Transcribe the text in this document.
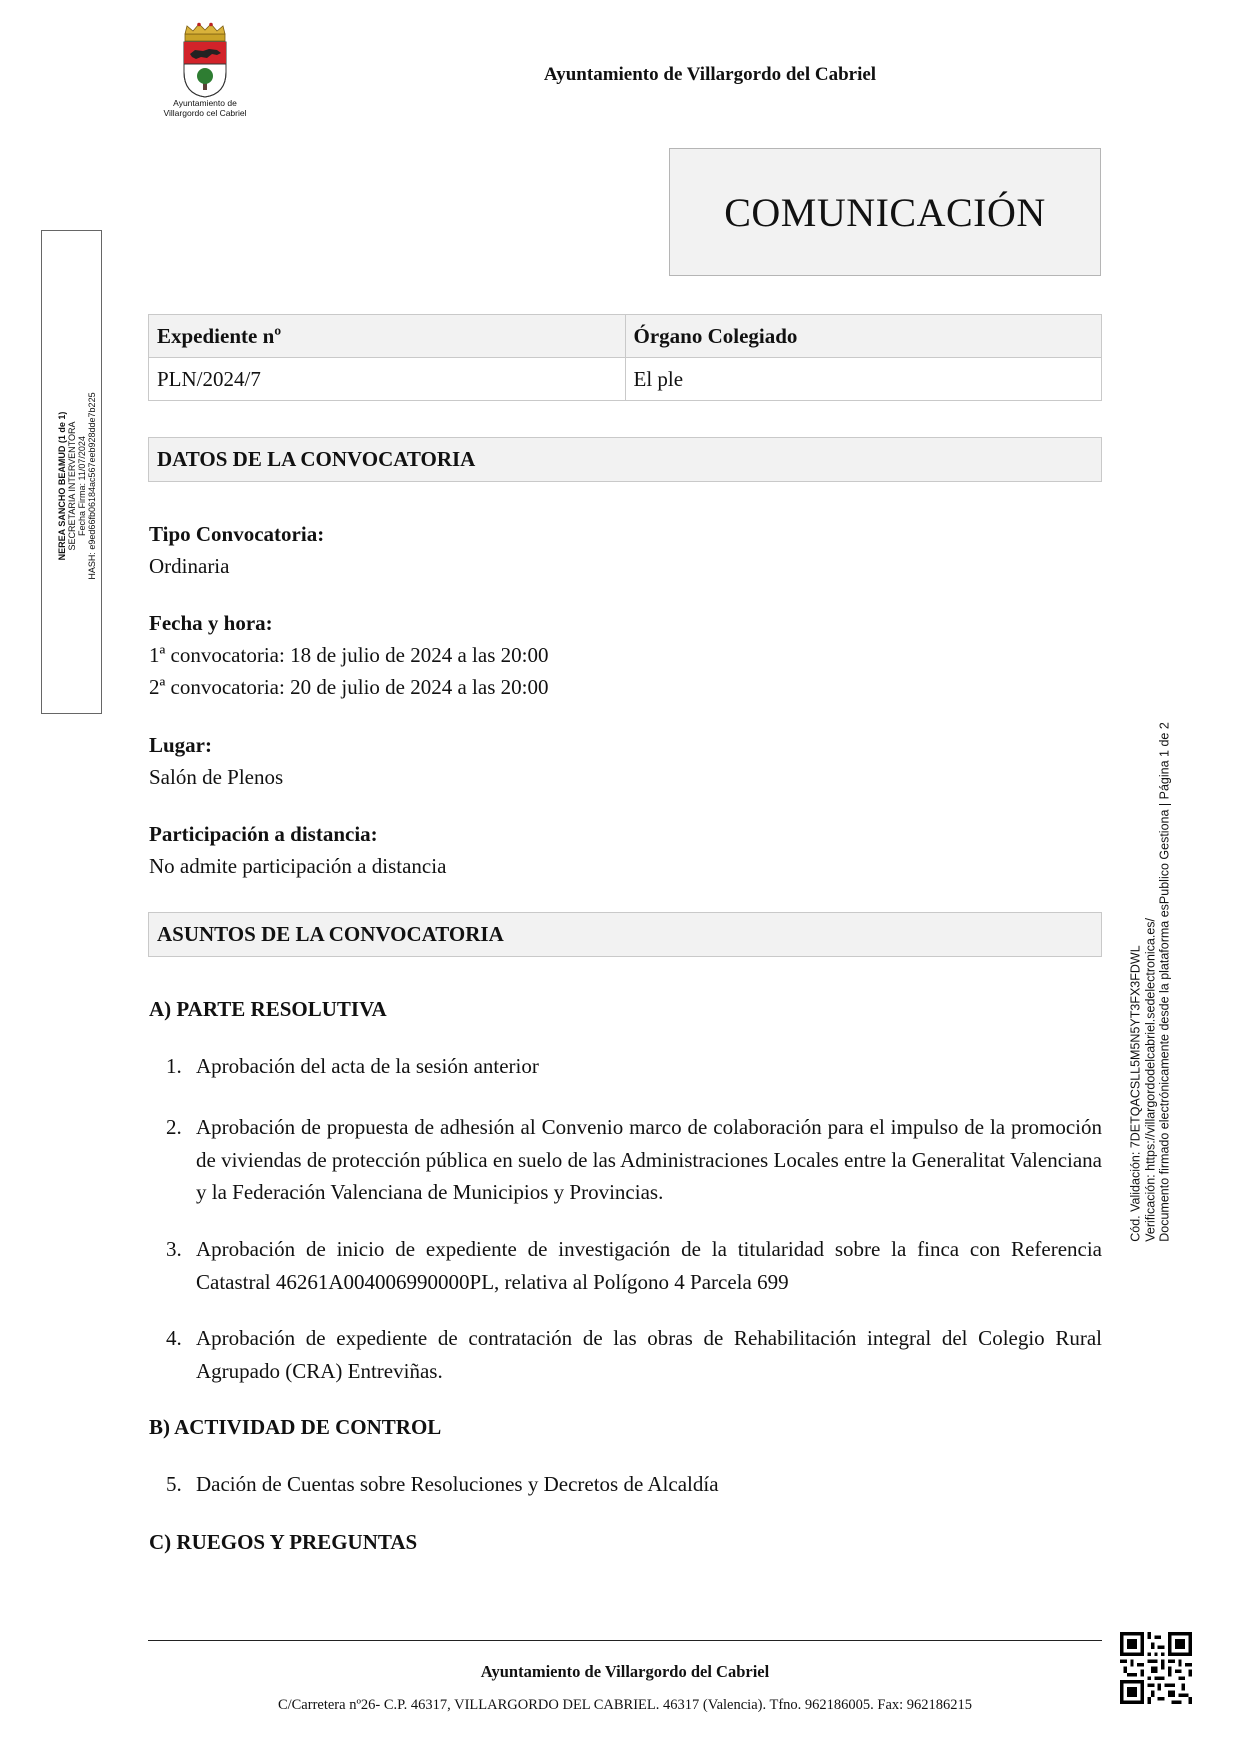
Ayuntamiento de
Villargordo cel Cabriel
Ayuntamiento de Villargordo del Cabriel
NEREA SANCHO BEAMUD (1 de 1) SECRETARIA INTERVENTORA Fecha Firma: 11/07/2024 HASH: e9ed66fb06184ac567eeb928dde7b225
COMUNICACIÓN
Expediente nº	Órgano Colegiado
PLN/2024/7	El ple
DATOS DE LA CONVOCATORIA
Tipo Convocatoria:
Ordinaria
Fecha y hora:
1ª convocatoria: 18 de julio de 2024 a las 20:00
2ª convocatoria: 20 de julio de 2024 a las 20:00
Lugar:
Salón de Plenos
Participación a distancia:
No admite participación a distancia
ASUNTOS DE LA CONVOCATORIA
A) PARTE RESOLUTIVA
1. Aprobación del acta de la sesión anterior
2. Aprobación de propuesta de adhesión al Convenio marco de colaboración para el impulso de la promoción de viviendas de protección pública en suelo de las Administraciones Locales entre la Generalitat Valenciana y la Federación Valenciana de Municipios y Provincias.
3. Aprobación de inicio de expediente de investigación de la titularidad sobre la finca con Referencia Catastral 46261A004006990000PL, relativa al Polígono 4 Parcela 699
4. Aprobación de expediente de contratación de las obras de Rehabilitación integral del Colegio Rural Agrupado (CRA) Entreviñas.
B) ACTIVIDAD DE CONTROL
5. Dación de Cuentas sobre Resoluciones y Decretos de Alcaldía
C) RUEGOS Y PREGUNTAS
Cód. Validación: 7DETQACSLL5M5N5YT3FX3FDWL Verificación: https://villargordodelcabriel.sedelectronica.es/ Documento firmado electrónicamente desde la plataforma esPublico Gestiona | Página 1 de 2
Ayuntamiento de Villargordo del Cabriel
C/Carretera nº26- C.P. 46317, VILLARGORDO DEL CABRIEL. 46317 (Valencia). Tfno. 962186005. Fax: 962186215
